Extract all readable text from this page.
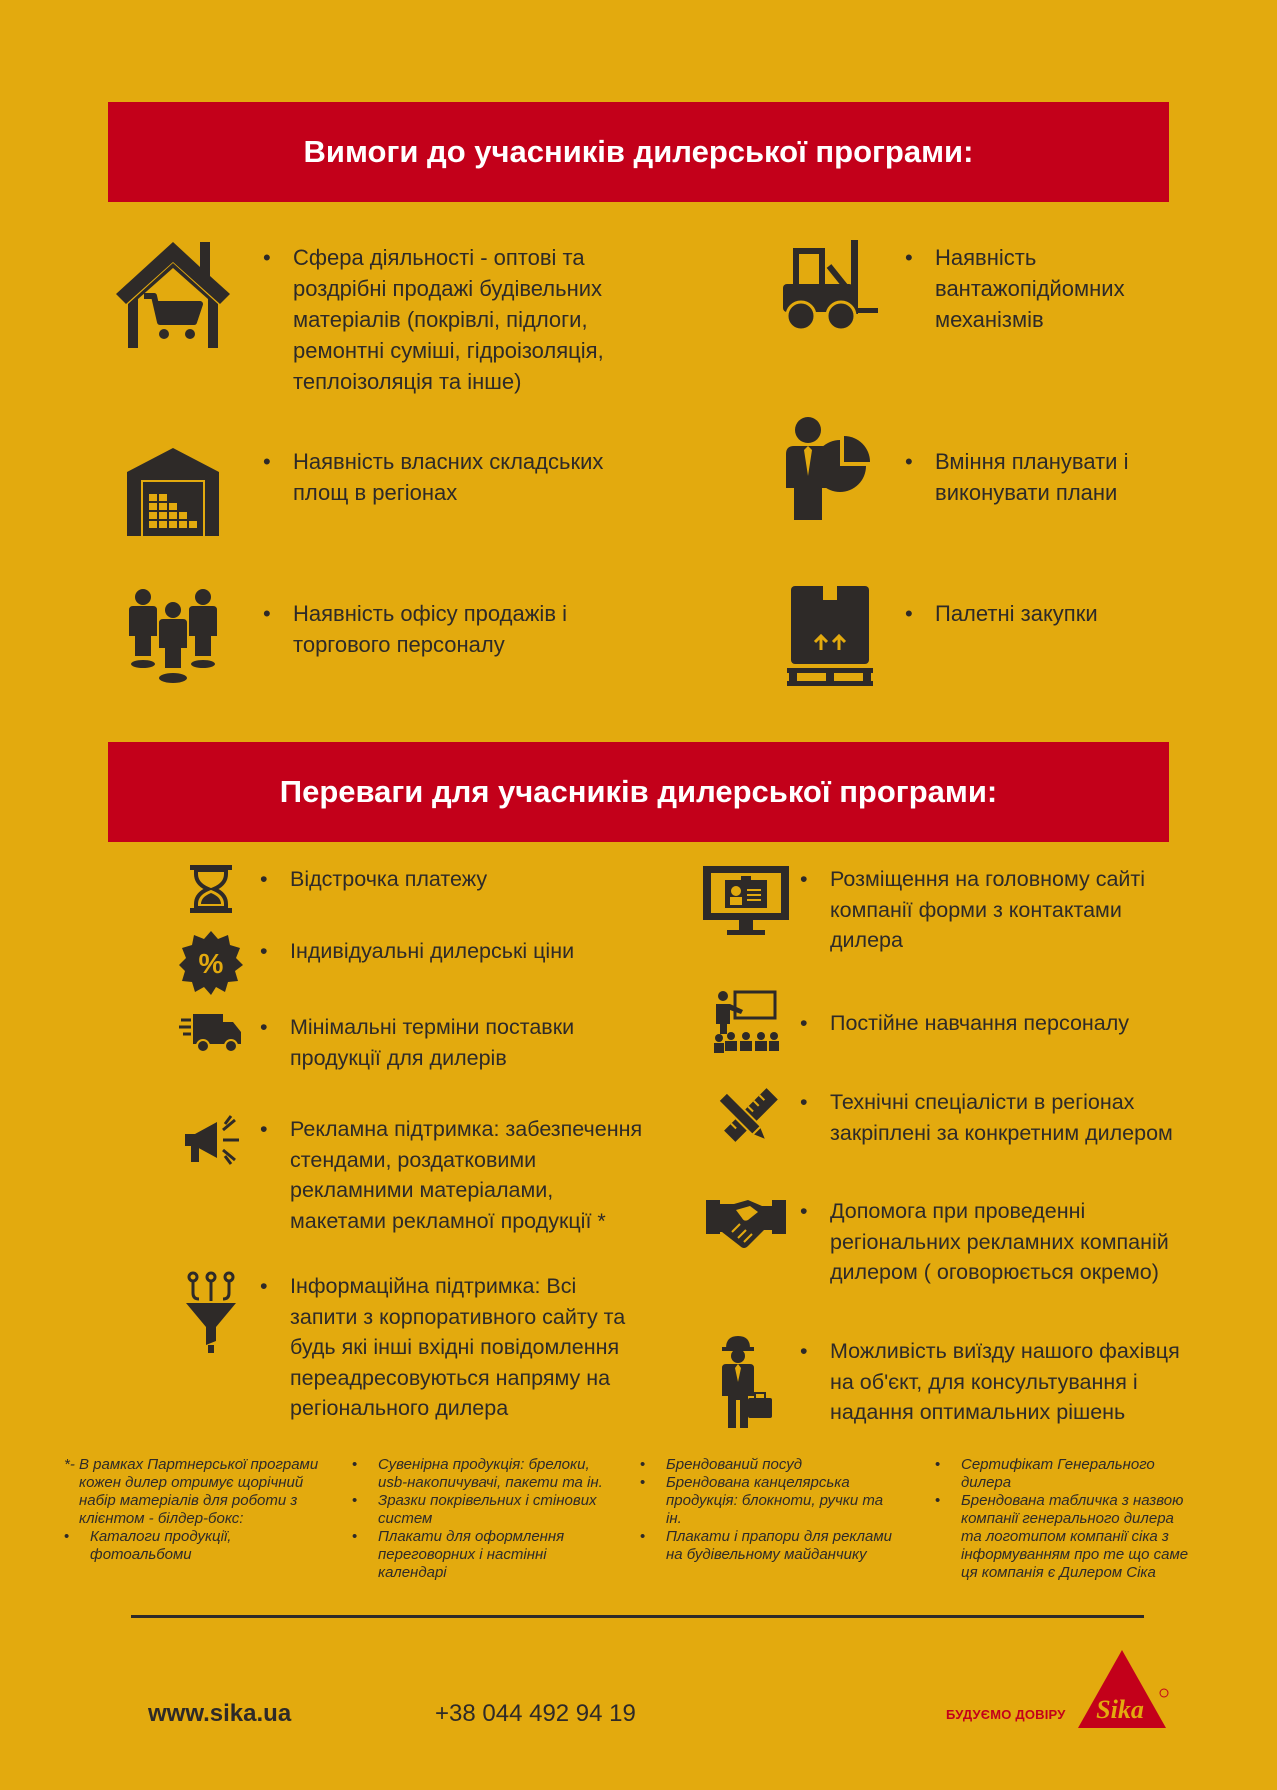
Вимоги до учасників дилерської програми:
•	Сфера діяльності - оптові та
роздрібні продажі будівельних
матеріалів (покрівлі, підлоги,
ремонтні суміші, гідроізоляція,
теплоізоляція та інше)
•	Наявність
вантажопідйомних
механізмів
•	Наявність власних складських
площ в регіонах
•	Вміння планувати і
виконувати плани
•	Наявність офісу продажів і
торгового персоналу
•	Палетні закупки
Переваги для учасників дилерської програми:
•	Відстрочка платежу
% •	Індивідуальні дилерські ціни
•	Мінімальні терміни поставки
продукції для дилерів
•	Рекламна підтримка: забезпечення
стендами, роздатковими
рекламними матеріалами,
макетами рекламної продукції *
•	Інформаційна підтримка: Всі
запити з корпоративного сайту та
будь які інші вхідні повідомлення
переадресовуються напряму на
регіонального дилера
•	Розміщення на головному сайті
компанії форми з контактами
дилера
•	Постійне навчання персоналу
•	Технічні спеціалісти в регіонах
закріплені за конкретним дилером
•	Допомога при проведенні
регіональних рекламних компаній
дилером ( оговорюється окремо)
•	Можливість виїзду нашого фахівця
на об'єкт, для консультування і
надання оптимальних рішень
*- В рамках Партнерської програми
кожен дилер отримує щорічний
набір матеріалів для роботи з
клієнтом - білдер-бокс:
•	Каталоги продукції,
фотоальбоми
•	Сувенірна продукція: брелоки,
usb-накопичувачі, пакети та ін.
•	Зразки покрівельних і стінових
систем
•	Плакати для оформлення
переговорних і настінні
календарі
•	Брендований посуд
•	Брендована канцелярська
продукція: блокноти, ручки та
ін.
•	Плакати і прапори для реклами
на будівельному майданчику
•	Сертифікат Генерального
дилера
•	Брендована табличка з назвою
компанії генерального дилера
та логотипом компанії сіка з
інформуванням про те що саме
ця компанія є Дилером Сіка
www.sika.ua	+38 044 492 94 19	БУДУЄМО ДОВІРУ Sika
